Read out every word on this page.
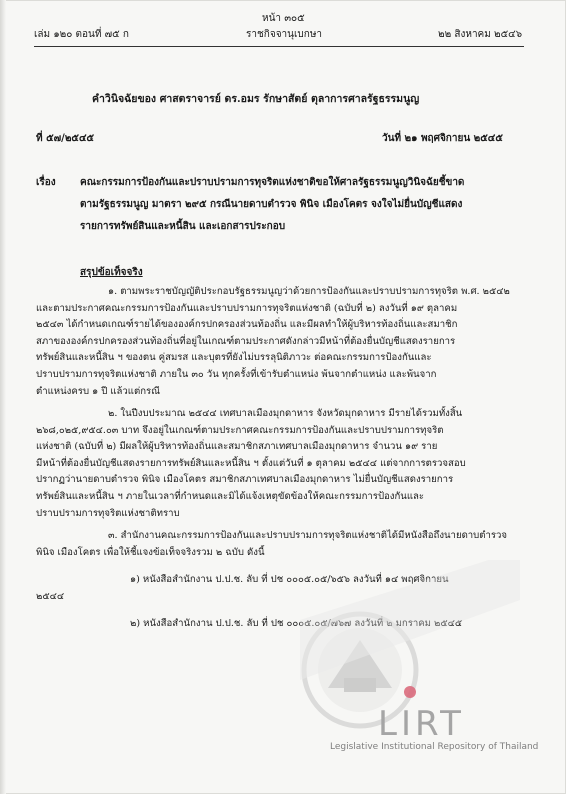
หน้า ๓๐๕
เล่ม ๑๒๐ ตอนที่ ๗๕ ก	ราชกิจจานุเบกษา	๒๒ สิงหาคม ๒๕๔๖
คำวินิจฉัยของ ศาสตราจารย์ ดร.อมร รักษาสัตย์ ตุลาการศาลรัฐธรรมนูญ
ที่ ๕๗/๒๕๔๕	วันที่ ๒๑ พฤศจิกายน ๒๕๔๕
เรื่อง คณะกรรมการป้องกันและปราบปรามการทุจริตแห่งชาติขอให้ศาลรัฐธรรมนูญวินิจฉัยชี้ขาด
ตามรัฐธรรมนูญ มาตรา ๒๙๕ กรณีนายดาบตำรวจ พินิจ เมืองโคตร จงใจไม่ยื่นบัญชีแสดง
รายการทรัพย์สินและหนี้สิน และเอกสารประกอบ
สรุปข้อเท็จจริง
๑. ตามพระราชบัญญัติประกอบรัฐธรรมนูญว่าด้วยการป้องกันและปราบปรามการทุจริต พ.ศ. ๒๕๔๒
และตามประกาศคณะกรรมการป้องกันและปราบปรามการทุจริตแห่งชาติ (ฉบับที่ ๒) ลงวันที่ ๑๙ ตุลาคม
๒๕๔๓ ได้กำหนดเกณฑ์รายได้ขององค์กรปกครองส่วนท้องถิ่น และมีผลทำให้ผู้บริหารท้องถิ่นและสมาชิก
สภาขององค์กรปกครองส่วนท้องถิ่นที่อยู่ในเกณฑ์ตามประกาศดังกล่าวมีหน้าที่ต้องยื่นบัญชีแสดงรายการ
ทรัพย์สินและหนี้สิน ฯ ของตน คู่สมรส และบุตรที่ยังไม่บรรลุนิติภาวะ ต่อคณะกรรมการป้องกันและ
ปราบปรามการทุจริตแห่งชาติ ภายใน ๓๐ วัน ทุกครั้งที่เข้ารับตำแหน่ง พ้นจากตำแหน่ง และพ้นจาก
ตำแหน่งครบ ๑ ปี แล้วแต่กรณี
๒. ในปีงบประมาณ ๒๕๔๔ เทศบาลเมืองมุกดาหาร จังหวัดมุกดาหาร มีรายได้รวมทั้งสิ้น
๒๖๘,๐๒๕,๙๕๔.๐๓ บาท จึงอยู่ในเกณฑ์ตามประกาศคณะกรรมการป้องกันและปราบปรามการทุจริต
แห่งชาติ (ฉบับที่ ๒) มีผลให้ผู้บริหารท้องถิ่นและสมาชิกสภาเทศบาลเมืองมุกดาหาร จำนวน ๑๙ ราย
มีหน้าที่ต้องยื่นบัญชีแสดงรายการทรัพย์สินและหนี้สิน ฯ ตั้งแต่วันที่ ๑ ตุลาคม ๒๕๔๔ แต่จากการตรวจสอบ
ปรากฏว่านายดาบตำรวจ พินิจ เมืองโคตร สมาชิกสภาเทศบาลเมืองมุกดาหาร ไม่ยื่นบัญชีแสดงรายการ
ทรัพย์สินและหนี้สิน ฯ ภายในเวลาที่กำหนดและมิได้แจ้งเหตุขัดข้องให้คณะกรรมการป้องกันและ
ปราบปรามการทุจริตแห่งชาติทราบ
๓. สำนักงานคณะกรรมการป้องกันและปราบปรามการทุจริตแห่งชาติได้มีหนังสือถึงนายดาบตำรวจ
พินิจ เมืองโคตร เพื่อให้ชี้แจงข้อเท็จจริงรวม ๒ ฉบับ ดังนี้
๑) หนังสือสำนักงาน ป.ป.ช. ลับ ที่ ปช ๐๐๐๕.๐๕/๖๕๖ ลงวันที่ ๑๔ พฤศจิกายน
๒๕๔๔
๒) หนังสือสำนักงาน ป.ป.ช. ลับ ที่ ปช ๐๐๐๕.๐๕/๗๖๗ ลงวันที่ ๒ มกราคม ๒๕๔๕
LIRT
Legislative Institutional Repository of Thailand
